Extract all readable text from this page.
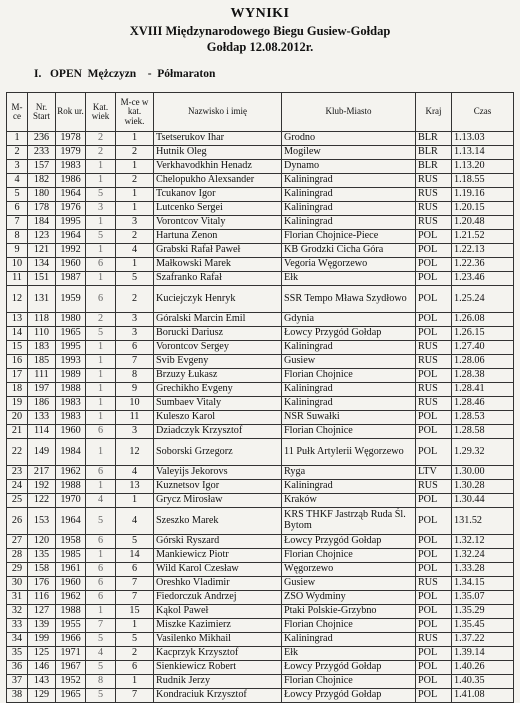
WYNIKI
XVIII Międzynarodowego Biegu Gusiew-Gołdap
Gołdap 12.08.2012r.
I.   OPEN  Mężczyzn    -  Półmaraton
M-ce	Nr. Start	Rok ur.	Kat. wiek	M-ce w kat. wiek.	Nazwisko i imię	Klub-Miasto	Kraj	Czas
1	236	1978	2	1	Tsetserukov Ihar	Grodno	BLR	1.13.03
2	233	1979	2	2	Hutnik Oleg	Mogilew	BLR	1.13.14
3	157	1983	1	1	Verkhavodkhin Henadz	Dynamo	BLR	1.13.20
4	182	1986	1	2	Chelopukho Alexsander	Kaliningrad	RUS	1.18.55
5	180	1964	5	1	Tcukanov Igor	Kaliningrad	RUS	1.19.16
6	178	1976	3	1	Lutcenko Sergei	Kaliningrad	RUS	1.20.15
7	184	1995	1	3	Vorontcov Vitaly	Kaliningrad	RUS	1.20.48
8	123	1964	5	2	Hartuna Zenon	Florian Chojnice-Piece	POL	1.21.52
9	121	1992	1	4	Grabski Rafał Paweł	KB Grodzki Cicha Góra	POL	1.22.13
10	134	1960	6	1	Małkowski Marek	Vegoria Węgorzewo	POL	1.22.36
11	151	1987	1	5	Szafranko Rafał	Ełk	POL	1.23.46
12	131	1959	6	2	Kuciejczyk Henryk	SSR Tempo Mława Szydłowo	POL	1.25.24
13	118	1980	2	3	Góralski Marcin Emil	Gdynia	POL	1.26.08
14	110	1965	5	3	Borucki Dariusz	Łowcy Przygód Gołdap	POL	1.26.15
15	183	1995	1	6	Vorontcov Sergey	Kaliningrad	RUS	1.27.40
16	185	1993	1	7	Svib Evgeny	Gusiew	RUS	1.28.06
17	111	1989	1	8	Brzuzy Łukasz	Florian Chojnice	POL	1.28.38
18	197	1988	1	9	Grechikho Evgeny	Kaliningrad	RUS	1.28.41
19	186	1983	1	10	Sumbaev Vitaly	Kaliningrad	RUS	1.28.46
20	133	1983	1	11	Kuleszo Karol	NSR Suwałki	POL	1.28.53
21	114	1960	6	3	Dziadczyk Krzysztof	Florian Chojnice	POL	1.28.58
22	149	1984	1	12	Soborski Grzegorz	11 Pułk Artylerii Węgorzewo	POL	1.29.32
23	217	1962	6	4	Valeyijs Jekorovs	Ryga	LTV	1.30.00
24	192	1988	1	13	Kuznetsov Igor	Kaliningrad	RUS	1.30.28
25	122	1970	4	1	Grycz Mirosław	Kraków	POL	1.30.44
26	153	1964	5	4	Szeszko Marek	KRS THKF Jastrząb Ruda Śl. Bytom	POL	131.52
27	120	1958	6	5	Górski Ryszard	Łowcy Przygód Gołdap	POL	1.32.12
28	135	1985	1	14	Mankiewicz Piotr	Florian Chojnice	POL	1.32.24
29	158	1961	6	6	Wild Karol Czesław	Węgorzewo	POL	1.33.28
30	176	1960	6	7	Oreshko Vladimir	Gusiew	RUS	1.34.15
31	116	1962	6	7	Fiedorczuk Andrzej	ZSO Wydminy	POL	1.35.07
32	127	1988	1	15	Kąkol Paweł	Ptaki Polskie-Grzybno	POL	1.35.29
33	139	1955	7	1	Miszke Kazimierz	Florian Chojnice	POL	1.35.45
34	199	1966	5	5	Vasilenko Mikhail	Kaliningrad	RUS	1.37.22
35	125	1971	4	2	Kacprzyk Krzysztof	Ełk	POL	1.39.14
36	146	1967	5	6	Sienkiewicz Robert	Łowcy Przygód Gołdap	POL	1.40.26
37	143	1952	8	1	Rudnik Jerzy	Florian Chojnice	POL	1.40.35
38	129	1965	5	7	Kondraciuk Krzysztof	Łowcy Przygód Gołdap	POL	1.41.08
